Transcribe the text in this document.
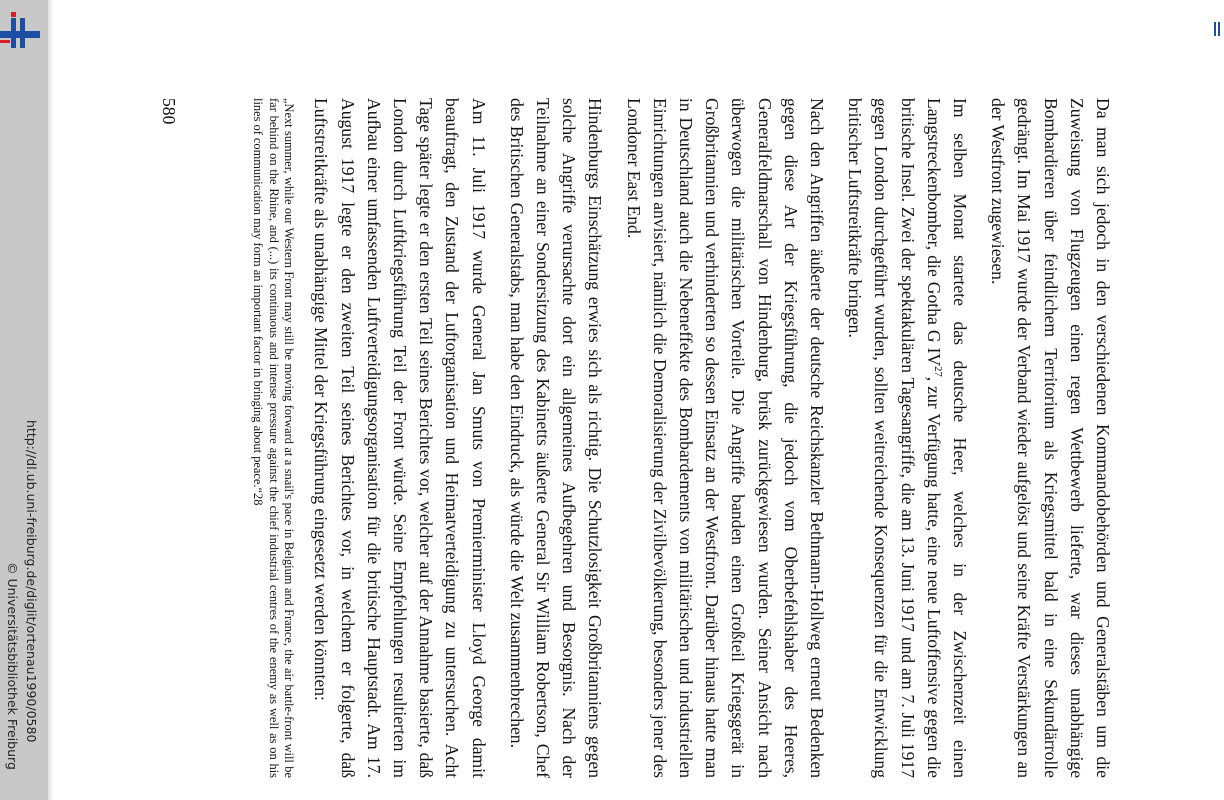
http://dl.ub.uni-freiburg.de/diglit/ortenau1990/0580
© Universitätsbibliothek Freiburg	Da man sich jedoch in den verschiedenen Kommandobehörden und Generalstäben um die Zuweisung von Flugzeugen einen regen Wettbewerb lieferte, war dieses unabhängige Bombardieren über feindlichem Territorium als Kriegsmittel bald in eine Sekundärrolle gedrängt. Im Mai 1917 wurde der Verband wieder aufgelöst und seine Kräfte Verstärkungen an der Westfront zugewiesen.

Im selben Monat startete das deutsche Heer, welches in der Zwischenzeit einen Langstreckenbomber, die Gotha G IV$^{27}$, zur Verfügung hatte, eine neue Luftoffensive gegen die britische Insel. Zwei der spektakulären Tagesangriffe, die am 13. Juni 1917 und am 7. Juli 1917 gegen London durchgeführt wurden, sollten weitreichende Konsequenzen für die Entwicklung britischer Luftstreitkräfte bringen.

Nach den Angriffen äußerte der deutsche Reichskanzler Bethmann-Hollweg erneut Bedenken gegen diese Art der Kriegsführung, die jedoch vom Oberbefehlshaber des Heeres, Generalfeldmarschall von Hindenburg, brüsk zurückgewiesen wurden. Seiner Ansicht nach überwogen die militärischen Vorteile. Die Angriffe banden einen Großteil Kriegsgerät in Großbritannien und verhinderten so dessen Einsatz an der Westfront. Darüber hinaus hatte man in Deutschland auch die Nebeneffekte des Bombardements von militärischen und industriellen Einrichtungen anvisiert, nämlich die Demoralisierung der Zivilbevölkerung, besonders jener des Londoner East End.

Hindenburgs Einschätzung erwies sich als richtig. Die Schutzlosigkeit Großbritanniens gegen solche Angriffe verursachte dort ein allgemeines Aufbegehren und Besorgnis. Nach der Teilnahme an einer Sondersitzung des Kabinetts äußerte General Sir William Robertson, Chef des Britischen Generalstabs, man habe den Eindruck, als würde die Welt zusammenbrechen.

Am 11. Juli 1917 wurde General Jan Smuts von Premierminister Lloyd George damit beauftragt, den Zustand der Luftorganisation und Heimatverteidigung zu untersuchen. Acht Tage später legte er den ersten Teil seines Berichtes vor, welcher auf der Annahme basierte, daß London durch Luftkriegsführung Teil der Front würde. Seine Empfehlungen resultierten im Aufbau einer umfassenden Luftverteidigungsorganisation für die britische Hauptstadt. Am 17. August 1917 legte er den zweiten Teil seines Berichtes vor, in welchem er folgerte, daß Luftstreitkräfte als unabhängige Mittel der Kriegsführung eingesetzt werden könnten:

„Next summer, while our Western Front may still be moving forward at a snail's pace in Belgium and France, the air battle-front will be far behind on the Rhine, and (...) its continuous and intense pressure against the chief industrial centres of the enemy as well as on his lines of communication may form an important factor in bringing about peace.“28

580
